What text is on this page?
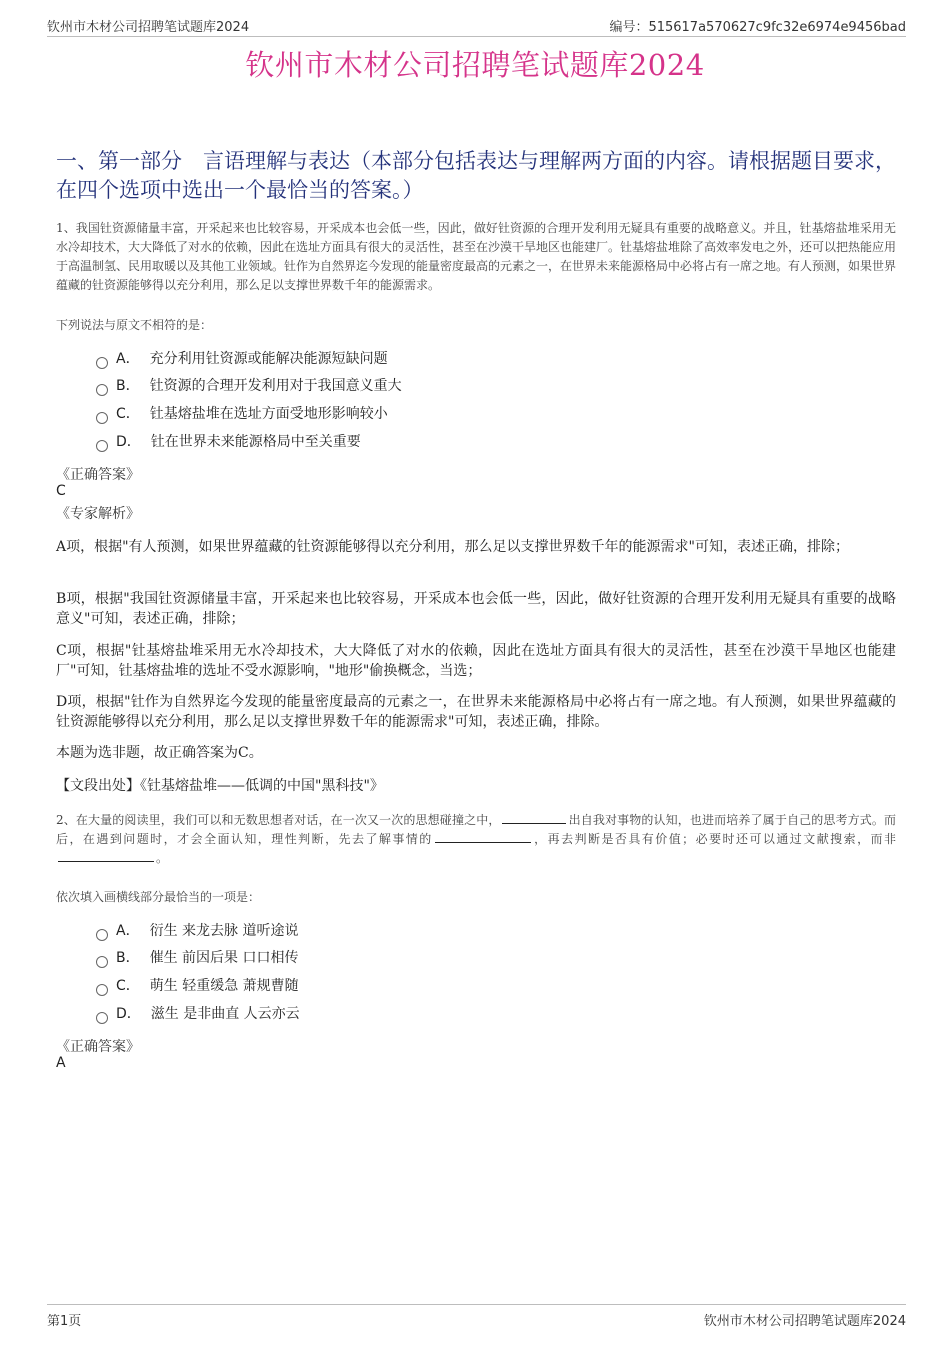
钦州市木材公司招聘笔试题库2024	编号：515617a570627c9fc32e6974e9456bad
钦州市木材公司招聘笔试题库2024
一、第一部分　言语理解与表达（本部分包括表达与理解两方面的内容。请根据题目要求，在四个选项中选出一个最恰当的答案。）
1、我国钍资源储量丰富，开采起来也比较容易，开采成本也会低一些，因此，做好钍资源的合理开发利用无疑具有重要的战略意义。并且，钍基熔盐堆采用无水冷却技术，大大降低了对水的依赖，因此在选址方面具有很大的灵活性，甚至在沙漠干旱地区也能建厂。钍基熔盐堆除了高效率发电之外，还可以把热能应用于高温制氢、民用取暖以及其他工业领域。钍作为自然界迄今发现的能量密度最高的元素之一，在世界未来能源格局中必将占有一席之地。有人预测，如果世界蕴藏的钍资源能够得以充分利用，那么足以支撑世界数千年的能源需求。
下列说法与原文不相符的是：
A． 充分利用钍资源或能解决能源短缺问题
B． 钍资源的合理开发利用对于我国意义重大
C． 钍基熔盐堆在选址方面受地形影响较小
D． 钍在世界未来能源格局中至关重要
《正确答案》
C
《专家解析》
A项，根据"有人预测，如果世界蕴藏的钍资源能够得以充分利用，那么足以支撑世界数千年的能源需求"可知，表述正确，排除；
B项，根据"我国钍资源储量丰富，开采起来也比较容易，开采成本也会低一些，因此，做好钍资源的合理开发利用无疑具有重要的战略意义"可知，表述正确，排除；
C项，根据"钍基熔盐堆采用无水冷却技术，大大降低了对水的依赖，因此在选址方面具有很大的灵活性，甚至在沙漠干旱地区也能建厂"可知，钍基熔盐堆的选址不受水源影响，"地形"偷换概念，当选；
D项，根据"钍作为自然界迄今发现的能量密度最高的元素之一，在世界未来能源格局中必将占有一席之地。有人预测，如果世界蕴藏的钍资源能够得以充分利用，那么足以支撑世界数千年的能源需求"可知，表述正确，排除。
本题为选非题，故正确答案为C。
【文段出处】《钍基熔盐堆——低调的中国"黑科技"》
2、在大量的阅读里，我们可以和无数思想者对话，在一次又一次的思想碰撞之中，	出自我对事物的认知，也进而培养了属于自己的思考方式。而后，在遇到问题时，才会全面认知，理性判断，先去了解事情的	，再去判断是否具有价值；必要时还可以通过文献搜索，而非。
依次填入画横线部分最恰当的一项是：
A． 衍生 来龙去脉 道听途说
B． 催生 前因后果 口口相传
C． 萌生 轻重缓急 萧规曹随
D． 滋生 是非曲直 人云亦云
《正确答案》
A
第1页	钦州市木材公司招聘笔试题库2024
